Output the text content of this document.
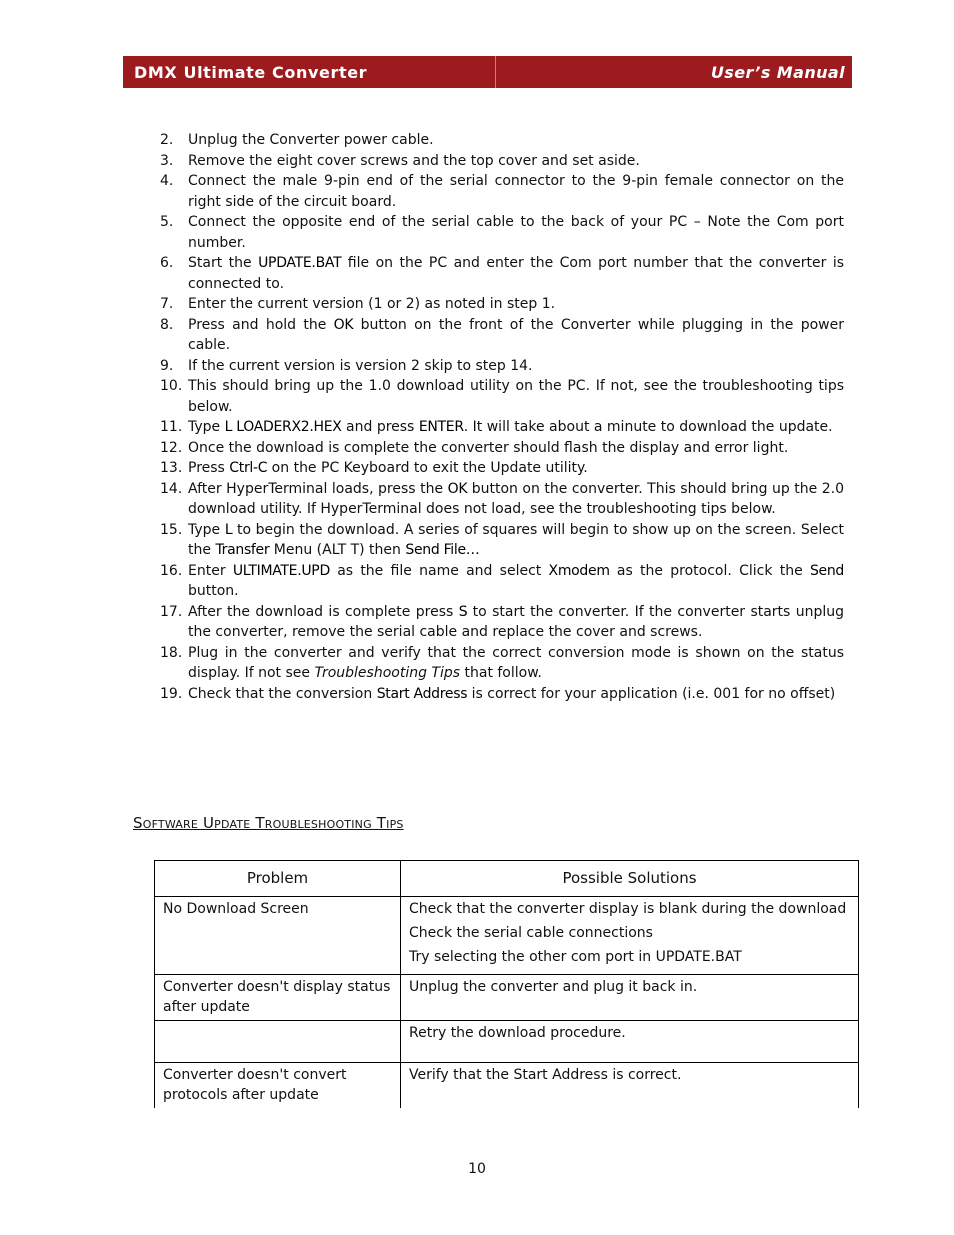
DMX Ultimate Converter	User’s Manual
2.	Unplug the Converter power cable.
3.	Remove the eight cover screws and the top cover and set aside.
4.	Connect the male 9-pin end of the serial connector to the 9-pin female connector on the right side of the circuit board.
5.	Connect the opposite end of the serial cable to the back of your PC – Note the Com port number.
6.	Start the UPDATE.BAT file on the PC and enter the Com port number that the converter is connected to.
7.	Enter the current version (1 or 2) as noted in step 1.
8.	Press and hold the OK button on the front of the Converter while plugging in the power cable.
9.	If the current version is version 2 skip to step 14.
10. This should bring up the 1.0 download utility on the PC. If not, see the troubleshooting tips below.
11. Type L LOADERX2.HEX and press ENTER. It will take about a minute to download the update.
12. Once the download is complete the converter should flash the display and error light.
13. Press Ctrl-C on the PC Keyboard to exit the Update utility.
14. After HyperTerminal loads, press the OK button on the converter. This should bring up the 2.0 download utility. If HyperTerminal does not load, see the troubleshooting tips below.
15. Type L to begin the download. A series of squares will begin to show up on the screen. Select the Transfer Menu (ALT T) then Send File…
16. Enter ULTIMATE.UPD as the file name and select Xmodem as the protocol. Click the Send button.
17. After the download is complete press S to start the converter. If the converter starts unplug the converter, remove the serial cable and replace the cover and screws.
18. Plug in the converter and verify that the correct conversion mode is shown on the status display. If not see Troubleshooting Tips that follow.
19. Check that the conversion Start Address is correct for your application (i.e. 001 for no offset)
Software Update Troubleshooting Tips
Problem	Possible Solutions
No Download Screen	Check that the converter display is blank during the download
Check the serial cable connections
Try selecting the other com port in UPDATE.BAT

Converter doesn't display status after update	Unplug the converter and plug it back in.

	Retry the download procedure.

Converter doesn't convert protocols after update	Verify that the Start Address is correct.
10
